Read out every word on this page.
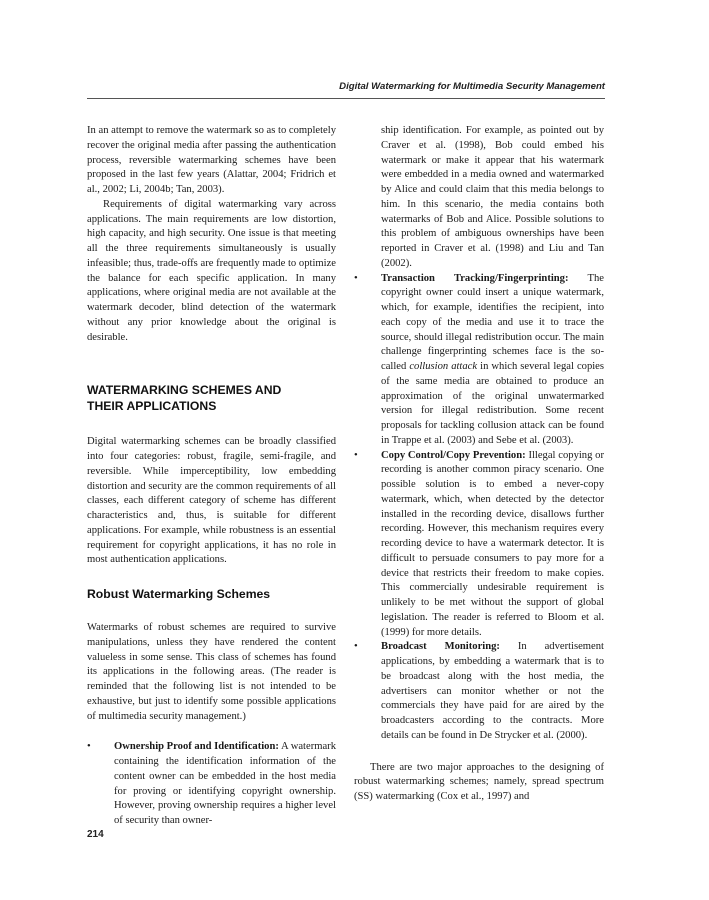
Digital Watermarking for Multimedia Security Management

In an attempt to remove the watermark so as to completely recover the original media after passing the authentication process, reversible watermarking schemes have been proposed in the last few years (Alattar, 2004; Fridrich et al., 2002; Li, 2004b; Tan, 2003).

Requirements of digital watermarking vary across applications. The main requirements are low distortion, high capacity, and high security. One issue is that meeting all the three requirements simultaneously is usually infeasible; thus, trade-offs are frequently made to optimize the balance for each specific application. In many applications, where original media are not available at the watermark decoder, blind detection of the watermark without any prior knowledge about the original is desirable.

WATERMARKING SCHEMES AND
THEIR APPLICATIONS

Digital watermarking schemes can be broadly classified into four categories: robust, fragile, semi-fragile, and reversible. While imperceptibility, low embedding distortion and security are the common requirements of all classes, each different category of scheme has different characteristics and, thus, is suitable for different applications. For example, while robustness is an essential requirement for copyright applications, it has no role in most authentication applications.

Robust Watermarking Schemes

Watermarks of robust schemes are required to survive manipulations, unless they have rendered the content valueless in some sense. This class of schemes has found its applications in the following areas. (The reader is reminded that the following list is not intended to be exhaustive, but just to identify some possible applications of multimedia security management.)

• Ownership Proof and Identification: A watermark containing the identification information of the content owner can be embedded in the host media for proving or identifying copyright ownership. However, proving ownership requires a higher level of security than owner-

ship identification. For example, as pointed out by Craver et al. (1998), Bob could embed his watermark or make it appear that his watermark were embedded in a media owned and watermarked by Alice and could claim that this media belongs to him. In this scenario, the media contains both watermarks of Bob and Alice. Possible solutions to this problem of ambiguous ownerships have been reported in Craver et al. (1998) and Liu and Tan (2002).

• Transaction Tracking/Fingerprinting: The copyright owner could insert a unique watermark, which, for example, identifies the recipient, into each copy of the media and use it to trace the source, should illegal redistribution occur. The main challenge fingerprinting schemes face is the so-called collusion attack in which several legal copies of the same media are obtained to produce an approximation of the original unwatermarked version for illegal redistribution. Some recent proposals for tackling collusion attack can be found in Trappe et al. (2003) and Sebe et al. (2003).
• Copy Control/Copy Prevention: Illegal copying or recording is another common piracy scenario. One possible solution is to embed a never-copy watermark, which, when detected by the detector installed in the recording device, disallows further recording. However, this mechanism requires every recording device to have a watermark detector. It is difficult to persuade consumers to pay more for a device that restricts their freedom to make copies. This commercially undesirable requirement is unlikely to be met without the support of global legislation. The reader is referred to Bloom et al. (1999) for more details.
• Broadcast Monitoring: In advertisement applications, by embedding a watermark that is to be broadcast along with the host media, the advertisers can monitor whether or not the commercials they have paid for are aired by the broadcasters according to the contracts. More details can be found in De Strycker et al. (2000).

There are two major approaches to the designing of robust watermarking schemes; namely, spread spectrum (SS) watermarking (Cox et al., 1997) and

214
